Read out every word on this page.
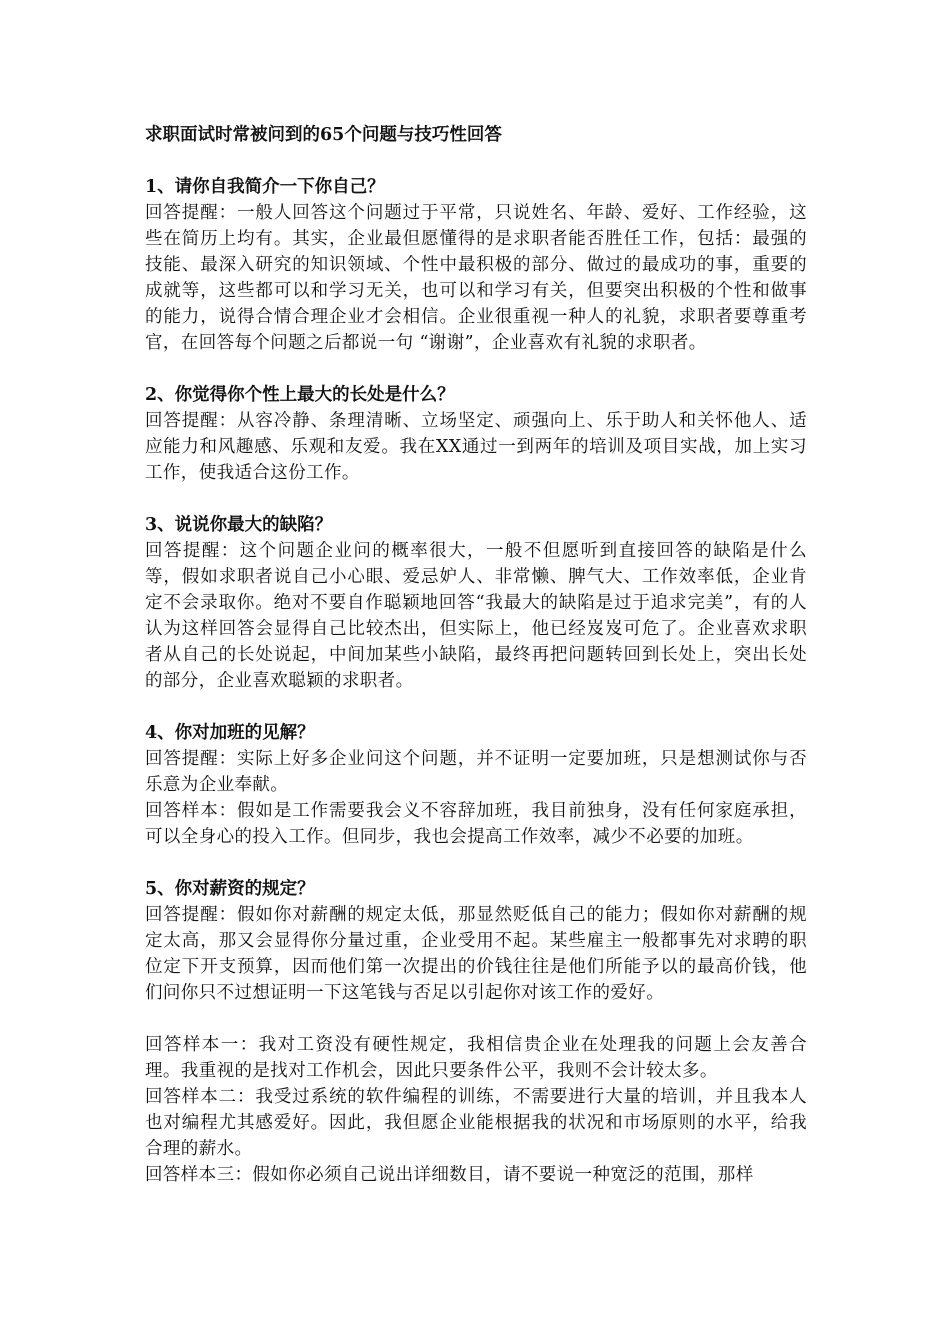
求职面试时常被问到的65个问题与技巧性回答

1、请你自我简介一下你自己？

回答提醒：一般人回答这个问题过于平常，只说姓名、年龄、爱好、工作经验，这些在简历上均有。其实，企业最但愿懂得的是求职者能否胜任工作，包括：最强的技能、最深入研究的知识领域、个性中最积极的部分、做过的最成功的事，重要的成就等，这些都可以和学习无关，也可以和学习有关，但要突出积极的个性和做事的能力，说得合情合理企业才会相信。企业很重视一种人的礼貌，求职者要尊重考官，在回答每个问题之后都说一句 “谢谢”，企业喜欢有礼貌的求职者。

2、你觉得你个性上最大的长处是什么？

回答提醒：从容冷静、条理清晰、立场坚定、顽强向上、乐于助人和关怀他人、适应能力和风趣感、乐观和友爱。我在XX通过一到两年的培训及项目实战，加上实习工作，使我适合这份工作。

3、说说你最大的缺陷？

回答提醒：这个问题企业问的概率很大，一般不但愿听到直接回答的缺陷是什么等，假如求职者说自己小心眼、爱忌妒人、非常懒、脾气大、工作效率低，企业肯定不会录取你。绝对不要自作聪颖地回答“我最大的缺陷是过于追求完美”，有的人认为这样回答会显得自己比较杰出，但实际上，他已经岌岌可危了。企业喜欢求职者从自己的长处说起，中间加某些小缺陷，最终再把问题转回到长处上，突出长处的部分，企业喜欢聪颖的求职者。

4、你对加班的见解？

回答提醒：实际上好多企业问这个问题，并不证明一定要加班，只是想测试你与否乐意为企业奉献。

回答样本：假如是工作需要我会义不容辞加班，我目前独身，没有任何家庭承担，可以全身心的投入工作。但同步，我也会提高工作效率，减少不必要的加班。

5、你对薪资的规定？

回答提醒：假如你对薪酬的规定太低，那显然贬低自己的能力；假如你对薪酬的规定太高，那又会显得你分量过重，企业受用不起。某些雇主一般都事先对求聘的职位定下开支预算，因而他们第一次提出的价钱往往是他们所能予以的最高价钱，他们问你只不过想证明一下这笔钱与否足以引起你对该工作的爱好。

回答样本一：我对工资没有硬性规定，我相信贵企业在处理我的问题上会友善合理。我重视的是找对工作机会，因此只要条件公平，我则不会计较太多。

回答样本二：我受过系统的软件编程的训练，不需要进行大量的培训，并且我本人也对编程尤其感爱好。因此，我但愿企业能根据我的状况和市场原则的水平，给我合理的薪水。

回答样本三：假如你必须自己说出详细数目，请不要说一种宽泛的范围，那样
